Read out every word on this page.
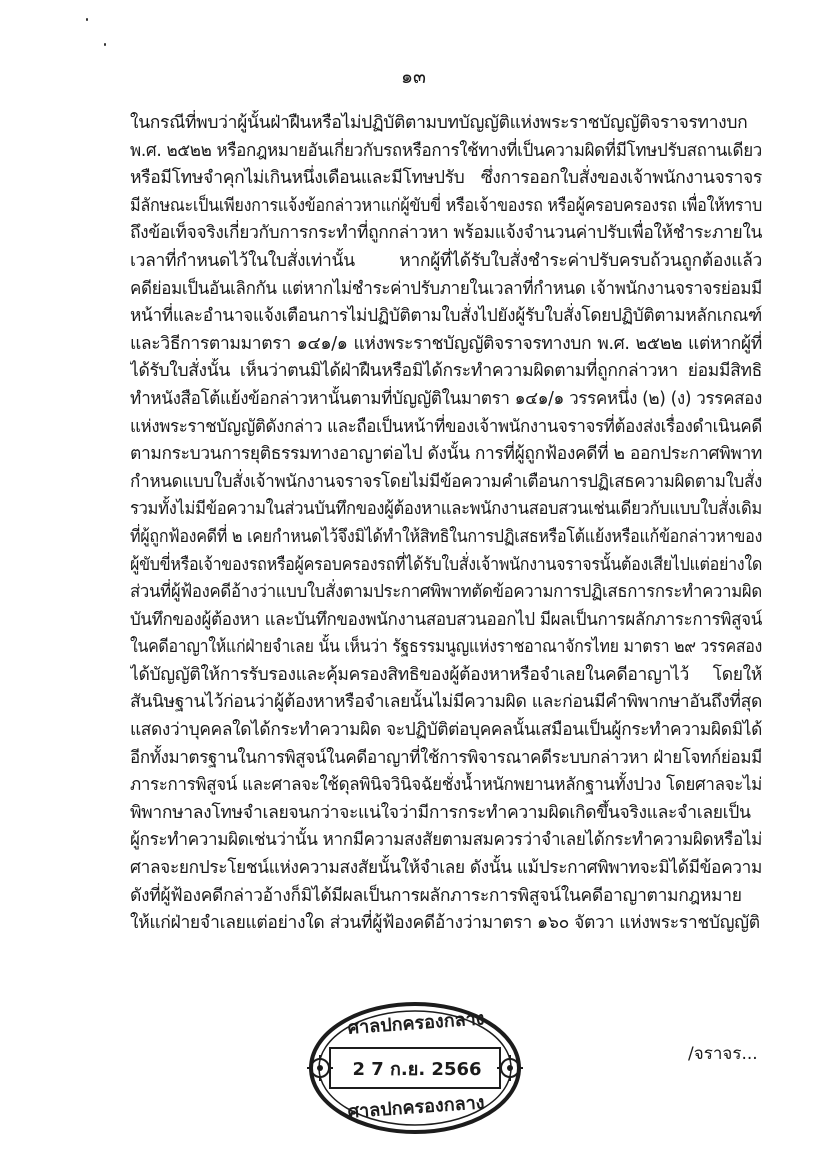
๑๓
ในกรณีที่พบว่าผู้นั้นฝ่าฝืนหรือไม่ปฏิบัติตามบทบัญญัติแห่งพระราชบัญญัติจราจรทางบก
พ.ศ. ๒๕๒๒ หรือกฎหมายอันเกี่ยวกับรถหรือการใช้ทางที่เป็นความผิดที่มีโทษปรับสถานเดียว
หรือมีโทษจำคุกไม่เกินหนึ่งเดือนและมีโทษปรับ ซึ่งการออกใบสั่งของเจ้าพนักงานจราจร
มีลักษณะเป็นเพียงการแจ้งข้อกล่าวหาแก่ผู้ขับขี่ หรือเจ้าของรถ หรือผู้ครอบครองรถ เพื่อให้ทราบ
ถึงข้อเท็จจริงเกี่ยวกับการกระทำที่ถูกกล่าวหา พร้อมแจ้งจำนวนค่าปรับเพื่อให้ชำระภายใน
เวลาที่กำหนดไว้ในใบสั่งเท่านั้น หากผู้ที่ได้รับใบสั่งชำระค่าปรับครบถ้วนถูกต้องแล้ว
คดีย่อมเป็นอันเลิกกัน แต่หากไม่ชำระค่าปรับภายในเวลาที่กำหนด เจ้าพนักงานจราจรย่อมมี
หน้าที่และอำนาจแจ้งเตือนการไม่ปฏิบัติตามใบสั่งไปยังผู้รับใบสั่งโดยปฏิบัติตามหลักเกณฑ์
และวิธีการตามมาตรา ๑๔๑/๑ แห่งพระราชบัญญัติจราจรทางบก พ.ศ. ๒๕๒๒ แต่หากผู้ที่
ได้รับใบสั่งนั้น เห็นว่าตนมิได้ฝ่าฝืนหรือมิได้กระทำความผิดตามที่ถูกกล่าวหา ย่อมมีสิทธิ
ทำหนังสือโต้แย้งข้อกล่าวหานั้นตามที่บัญญัติในมาตรา ๑๔๑/๑ วรรคหนึ่ง (๒) (ง) วรรคสอง
แห่งพระราชบัญญัติดังกล่าว และถือเป็นหน้าที่ของเจ้าพนักงานจราจรที่ต้องส่งเรื่องดำเนินคดี
ตามกระบวนการยุติธรรมทางอาญาต่อไป ดังนั้น การที่ผู้ถูกฟ้องคดีที่ ๒ ออกประกาศพิพาท
กำหนดแบบใบสั่งเจ้าพนักงานจราจรโดยไม่มีข้อความคำเตือนการปฏิเสธความผิดตามใบสั่ง
รวมทั้งไม่มีข้อความในส่วนบันทึกของผู้ต้องหาและพนักงานสอบสวนเช่นเดียวกับแบบใบสั่งเดิม
ที่ผู้ถูกฟ้องคดีที่ ๒ เคยกำหนดไว้จึงมิได้ทำให้สิทธิในการปฏิเสธหรือโต้แย้งหรือแก้ข้อกล่าวหาของ
ผู้ขับขี่หรือเจ้าของรถหรือผู้ครอบครองรถที่ได้รับใบสั่งเจ้าพนักงานจราจรนั้นต้องเสียไปแต่อย่างใด
ส่วนที่ผู้ฟ้องคดีอ้างว่าแบบใบสั่งตามประกาศพิพาทตัดข้อความการปฏิเสธการกระทำความผิด
บันทึกของผู้ต้องหา และบันทึกของพนักงานสอบสวนออกไป มีผลเป็นการผลักภาระการพิสูจน์
ในคดีอาญาให้แก่ฝ่ายจำเลย นั้น เห็นว่า รัฐธรรมนูญแห่งราชอาณาจักรไทย มาตรา ๒๙ วรรคสอง
ได้บัญญัติให้การรับรองและคุ้มครองสิทธิของผู้ต้องหาหรือจำเลยในคดีอาญาไว้ โดยให้
สันนิษฐานไว้ก่อนว่าผู้ต้องหาหรือจำเลยนั้นไม่มีความผิด และก่อนมีคำพิพากษาอันถึงที่สุด
แสดงว่าบุคคลใดได้กระทำความผิด จะปฏิบัติต่อบุคคลนั้นเสมือนเป็นผู้กระทำความผิดมิได้
อีกทั้งมาตรฐานในการพิสูจน์ในคดีอาญาที่ใช้การพิจารณาคดีระบบกล่าวหา ฝ่ายโจทก์ย่อมมี
ภาระการพิสูจน์ และศาลจะใช้ดุลพินิจวินิจฉัยชั่งน้ำหนักพยานหลักฐานทั้งปวง โดยศาลจะไม่
พิพากษาลงโทษจำเลยจนกว่าจะแน่ใจว่ามีการกระทำความผิดเกิดขึ้นจริงและจำเลยเป็น
ผู้กระทำความผิดเช่นว่านั้น หากมีความสงสัยตามสมควรว่าจำเลยได้กระทำความผิดหรือไม่
ศาลจะยกประโยชน์แห่งความสงสัยนั้นให้จำเลย ดังนั้น แม้ประกาศพิพาทจะมิได้มีข้อความ
ดังที่ผู้ฟ้องคดีกล่าวอ้างก็มิได้มีผลเป็นการผลักภาระการพิสูจน์ในคดีอาญาตามกฎหมาย
ให้แก่ฝ่ายจำเลยแต่อย่างใด ส่วนที่ผู้ฟ้องคดีอ้างว่ามาตรา ๑๖๐ จัตวา แห่งพระราชบัญญัติ
ศาลปกครองกลาง
2 7 ก.ย. 2566
ศาลปกครองกลาง
/จราจร...
